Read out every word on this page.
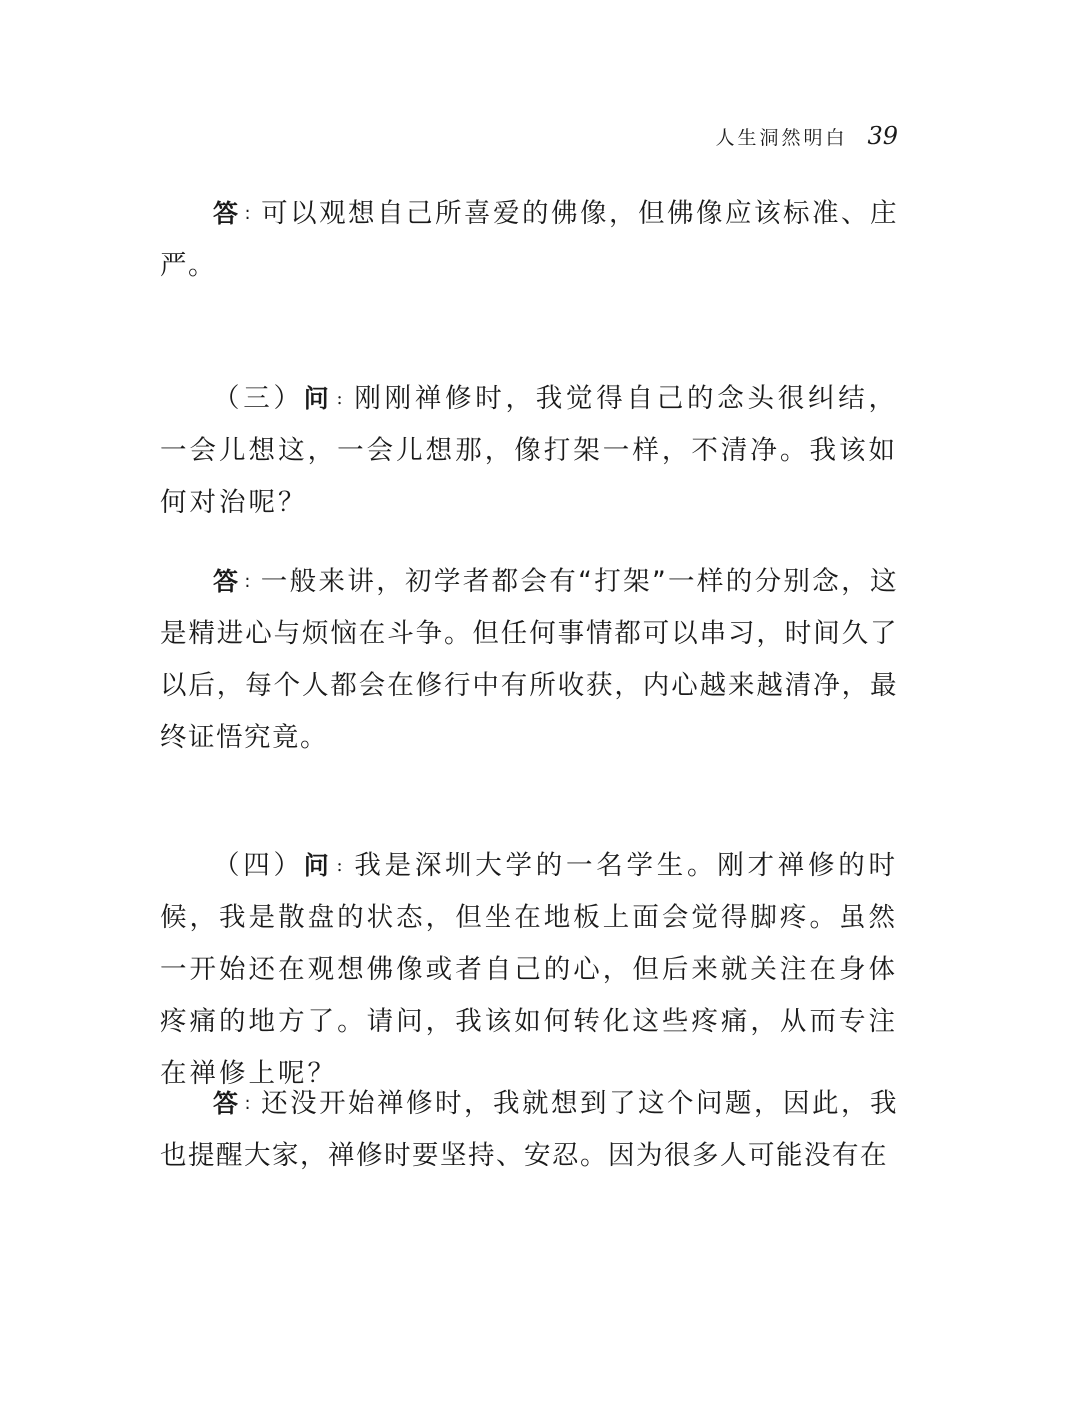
人生洞然明白 39

答 : 可以观想自己所喜爱的佛像，但佛像应该标准、庄严。

（三）问 : 刚刚禅修时，我觉得自己的念头很纠结，一会儿想这，一会儿想那，像打架一样，不清净。我该如何对治呢？

答 : 一般来讲，初学者都会有“打架”一样的分别念，这是精进心与烦恼在斗争。但任何事情都可以串习，时间久了以后，每个人都会在修行中有所收获，内心越来越清净，最终证悟究竟。

（四）问 : 我是深圳大学的一名学生。刚才禅修的时候，我是散盘的状态，但坐在地板上面会觉得脚疼。虽然一开始还在观想佛像或者自己的心，但后来就关注在身体疼痛的地方了。请问，我该如何转化这些疼痛，从而专注在禅修上呢？

答 : 还没开始禅修时，我就想到了这个问题，因此，我也提醒大家，禅修时要坚持、安忍。因为很多人可能没有在
